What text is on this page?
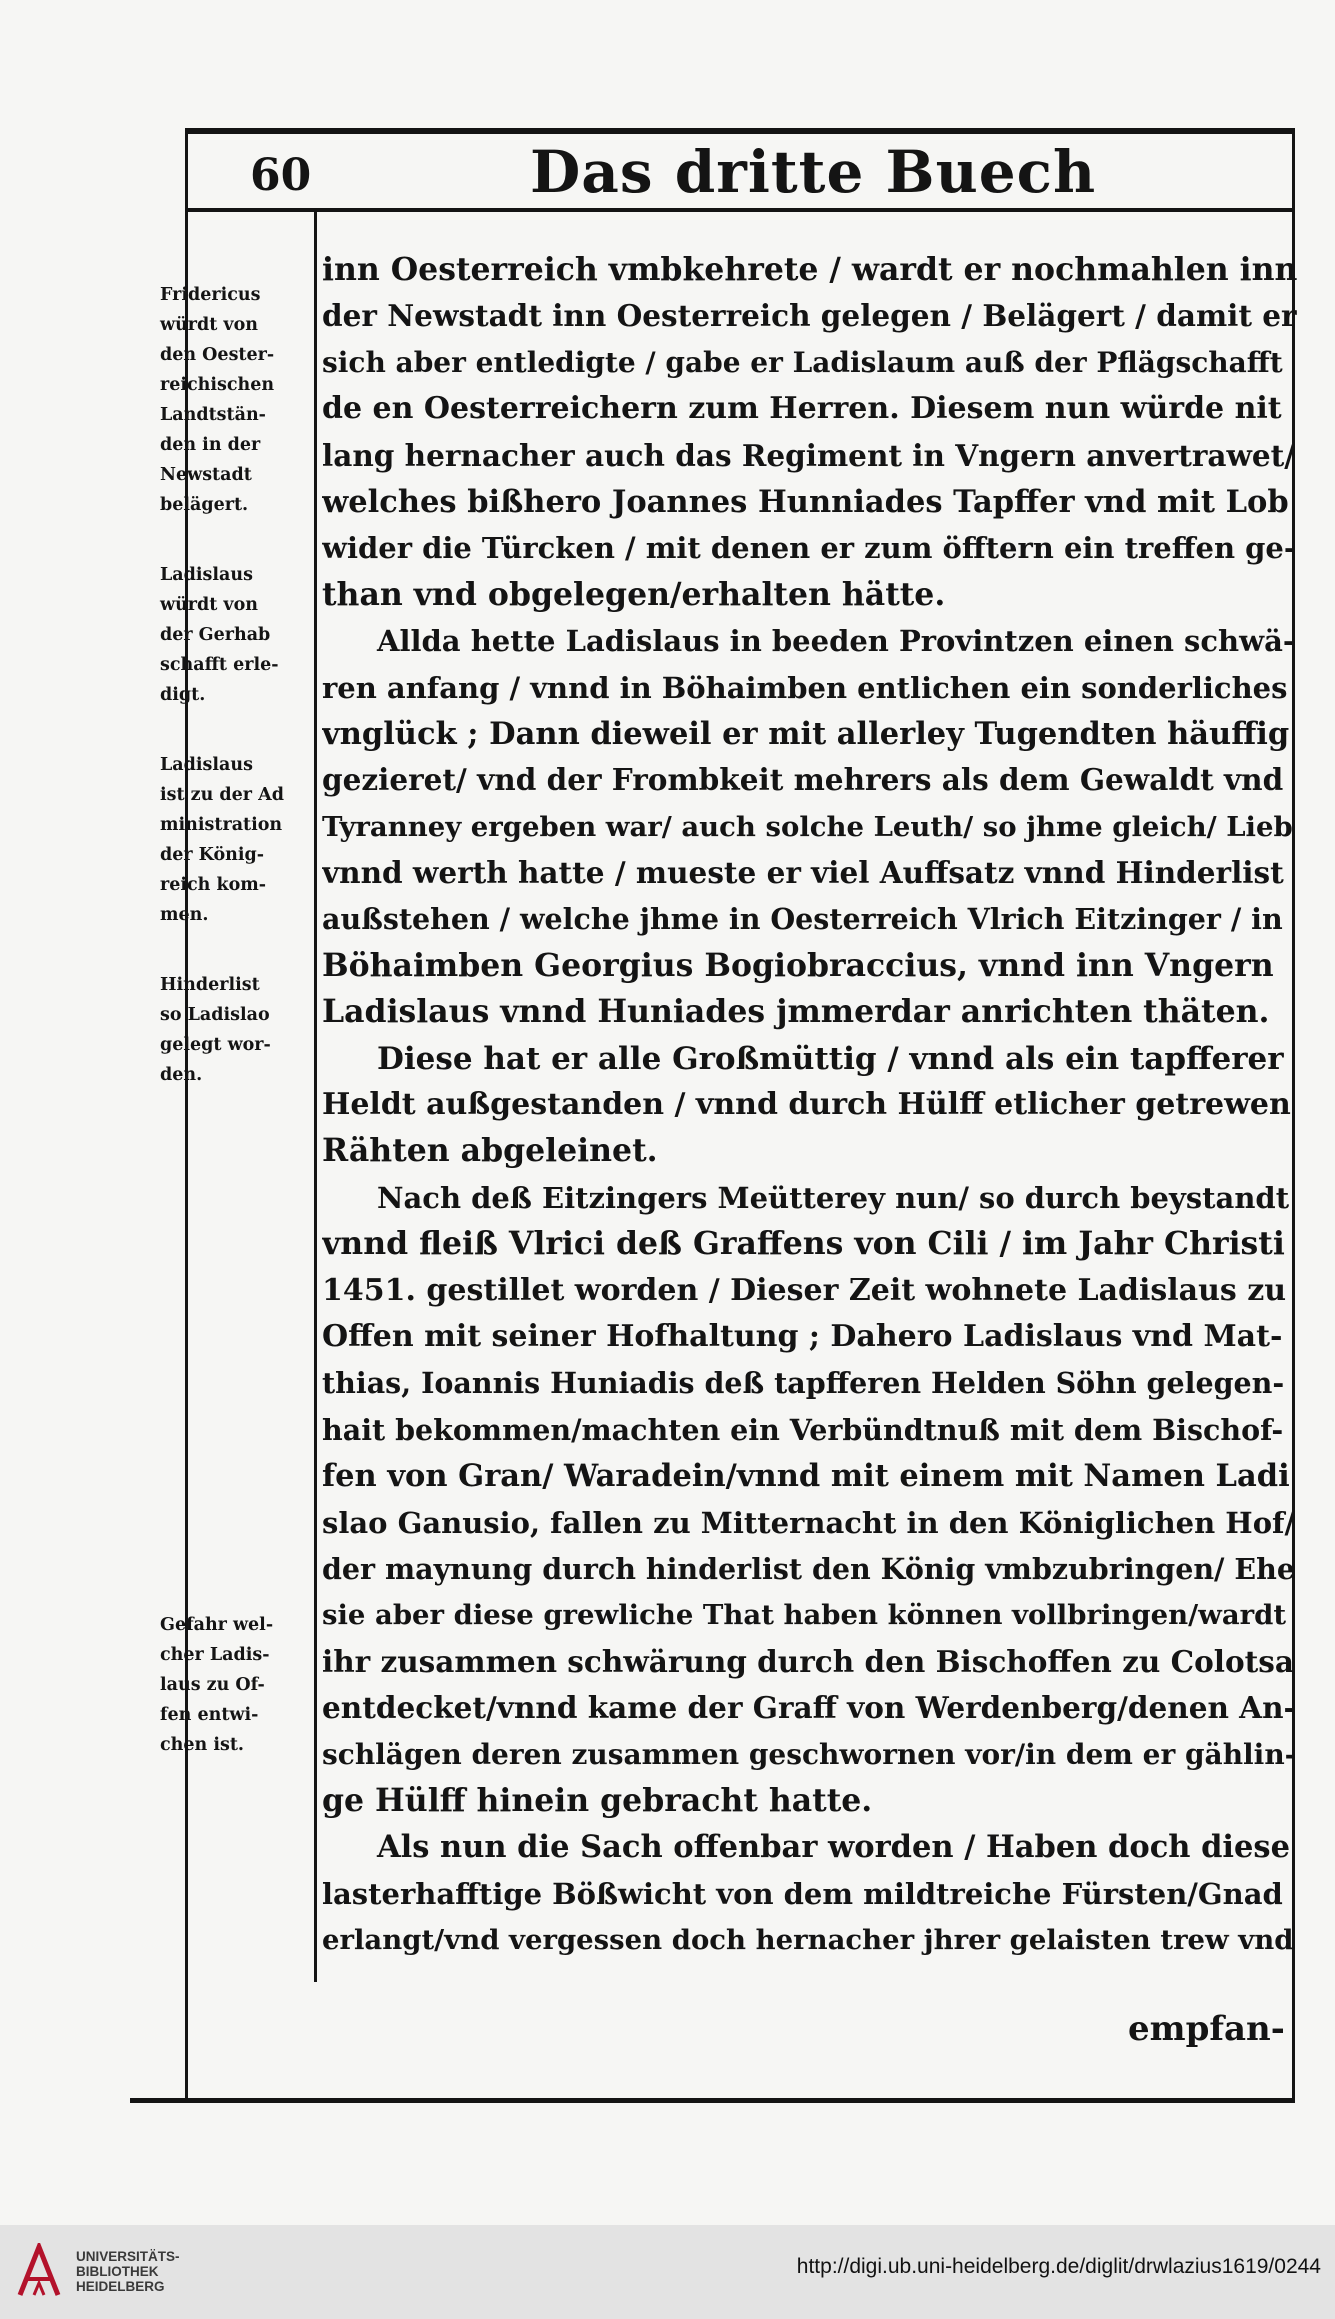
60	Das dritte Buech
Fridericus
würdt von
den Oester-
reichischen
Landtstän-
den in der
Newstadt
belägert.
Ladislaus
würdt von
der Gerhab
schafft erle-
digt.
Ladislaus
ist zu der Ad
ministration
der König-
reich kom-
men.
Hinderlist
so Ladislao
gelegt wor-
den.
Gefahr wel-
cher Ladis-
laus zu Of-
fen entwi-
chen ist.
inn Oesterreich vmbkehrete / wardt er nochmahlen inn
der Newstadt inn Oesterreich gelegen / Belägert / damit er
sich aber entledigte / gabe er Ladislaum auß der Pflägschafft
de en Oesterreichern zum Herren. Diesem nun würde nit
lang hernacher auch das Regiment in Vngern anvertrawet/
welches bißhero Joannes Hunniades Tapffer vnd mit Lob
wider die Türcken / mit denen er zum öfftern ein treffen ge-
than vnd obgelegen/erhalten hätte.
Allda hette Ladislaus in beeden Provintzen einen schwä-
ren anfang / vnnd in Böhaimben entlichen ein sonderliches
vnglück ; Dann dieweil er mit allerley Tugendten häuffig
gezieret/ vnd der Frombkeit mehrers als dem Gewaldt vnd
Tyranney ergeben war/ auch solche Leuth/ so jhme gleich/ Lieb
vnnd werth hatte / mueste er viel Auffsatz vnnd Hinderlist
außstehen / welche jhme in Oesterreich Vlrich Eitzinger / in
Böhaimben Georgius Bogiobraccius, vnnd inn Vngern
Ladislaus vnnd Huniades jmmerdar anrichten thäten.
Diese hat er alle Großmüttig / vnnd als ein tapfferer
Heldt außgestanden / vnnd durch Hülff etlicher getrewen
Rähten abgeleinet.
Nach deß Eitzingers Meütterey nun/ so durch beystandt
vnnd fleiß Vlrici deß Graffens von Cili / im Jahr Christi
1451. gestillet worden / Dieser Zeit wohnete Ladislaus zu
Offen mit seiner Hofhaltung ; Dahero Ladislaus vnd Mat-
thias, Ioannis Huniadis deß tapfferen Helden Söhn gelegen-
hait bekommen/machten ein Verbündtnuß mit dem Bischof-
fen von Gran/ Waradein/vnnd mit einem mit Namen Ladi
slao Ganusio, fallen zu Mitternacht in den Königlichen Hof/
der maynung durch hinderlist den König vmbzubringen/ Ehe
sie aber diese grewliche That haben können vollbringen/wardt
ihr zusammen schwärung durch den Bischoffen zu Colotsa
entdecket/vnnd kame der Graff von Werdenberg/denen An-
schlägen deren zusammen geschwornen vor/in dem er gählin-
ge Hülff hinein gebracht hatte.
Als nun die Sach offenbar worden / Haben doch diese
lasterhafftige Bößwicht von dem mildtreiche Fürsten/Gnad
erlangt/vnd vergessen doch hernacher jhrer gelaisten trew vnd
empfan-
UNIVERSITÄTS-
BIBLIOTHEK
HEIDELBERG
http://digi.ub.uni-heidelberg.de/diglit/drwlazius1619/0244
